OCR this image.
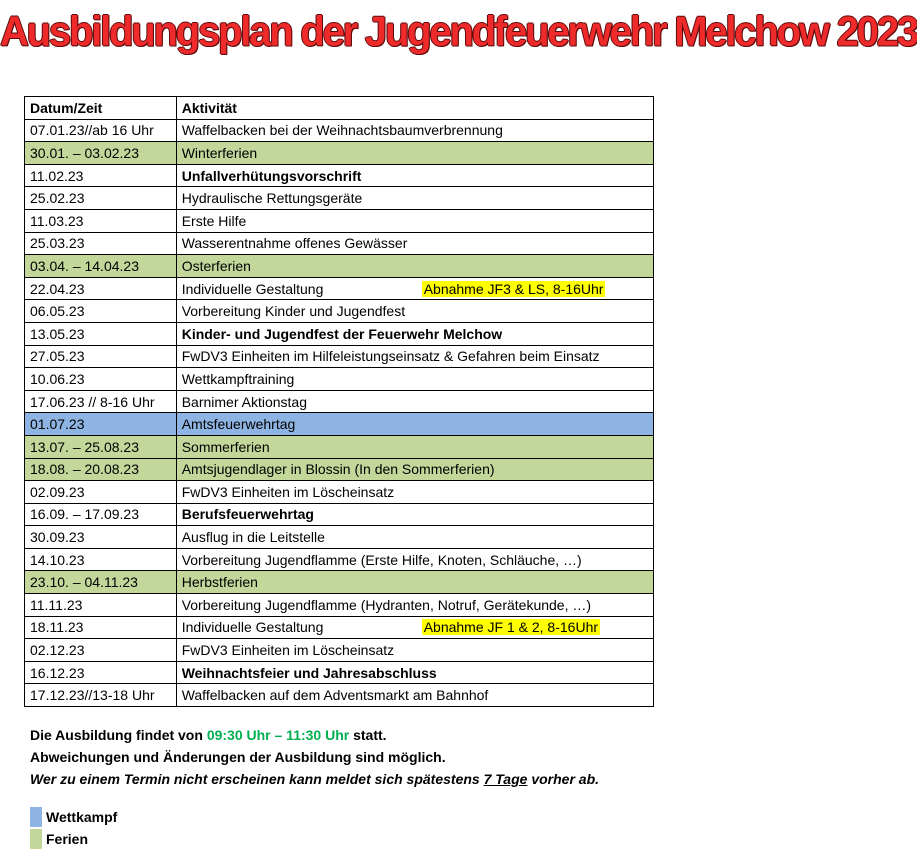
Ausbildungsplan der Jugendfeuerwehr Melchow 2023
Datum/Zeit	Aktivität
07.01.23//ab 16 Uhr	Waffelbacken bei der Weihnachtsbaumverbrennung

30.01. – 03.02.23	Winterferien

11.02.23	Unfallverhütungsvorschrift

25.02.23	Hydraulische Rettungsgeräte

11.03.23	Erste Hilfe

25.03.23	Wasserentnahme offenes Gewässer

03.04. – 14.04.23	Osterferien

22.04.23	Individuelle Gestaltung Abnahme JF3 & LS, 8-16Uhr

06.05.23	Vorbereitung Kinder und Jugendfest

13.05.23	Kinder- und Jugendfest der Feuerwehr Melchow

27.05.23	FwDV3 Einheiten im Hilfeleistungseinsatz & Gefahren beim Einsatz

10.06.23	Wettkampftraining

17.06.23 // 8-16 Uhr	Barnimer Aktionstag

01.07.23	Amtsfeuerwehrtag

13.07. – 25.08.23	Sommerferien

18.08. – 20.08.23	Amtsjugendlager in Blossin (In den Sommerferien)

02.09.23	FwDV3 Einheiten im Löscheinsatz

16.09. – 17.09.23	Berufsfeuerwehrtag

30.09.23	Ausflug in die Leitstelle

14.10.23	Vorbereitung Jugendflamme (Erste Hilfe, Knoten, Schläuche, …)

23.10. – 04.11.23	Herbstferien

11.11.23	Vorbereitung Jugendflamme (Hydranten, Notruf, Gerätekunde, …)

18.11.23	Individuelle Gestaltung Abnahme JF 1 & 2, 8-16Uhr

02.12.23	FwDV3 Einheiten im Löscheinsatz

16.12.23	Weihnachtsfeier und Jahresabschluss

17.12.23//13-18 Uhr	Waffelbacken auf dem Adventsmarkt am Bahnhof
Die Ausbildung findet von 09:30 Uhr – 11:30 Uhr statt.
Abweichungen und Änderungen der Ausbildung sind möglich.
Wer zu einem Termin nicht erscheinen kann meldet sich spätestens 7 Tage vorher ab.
Wettkampf
Ferien
